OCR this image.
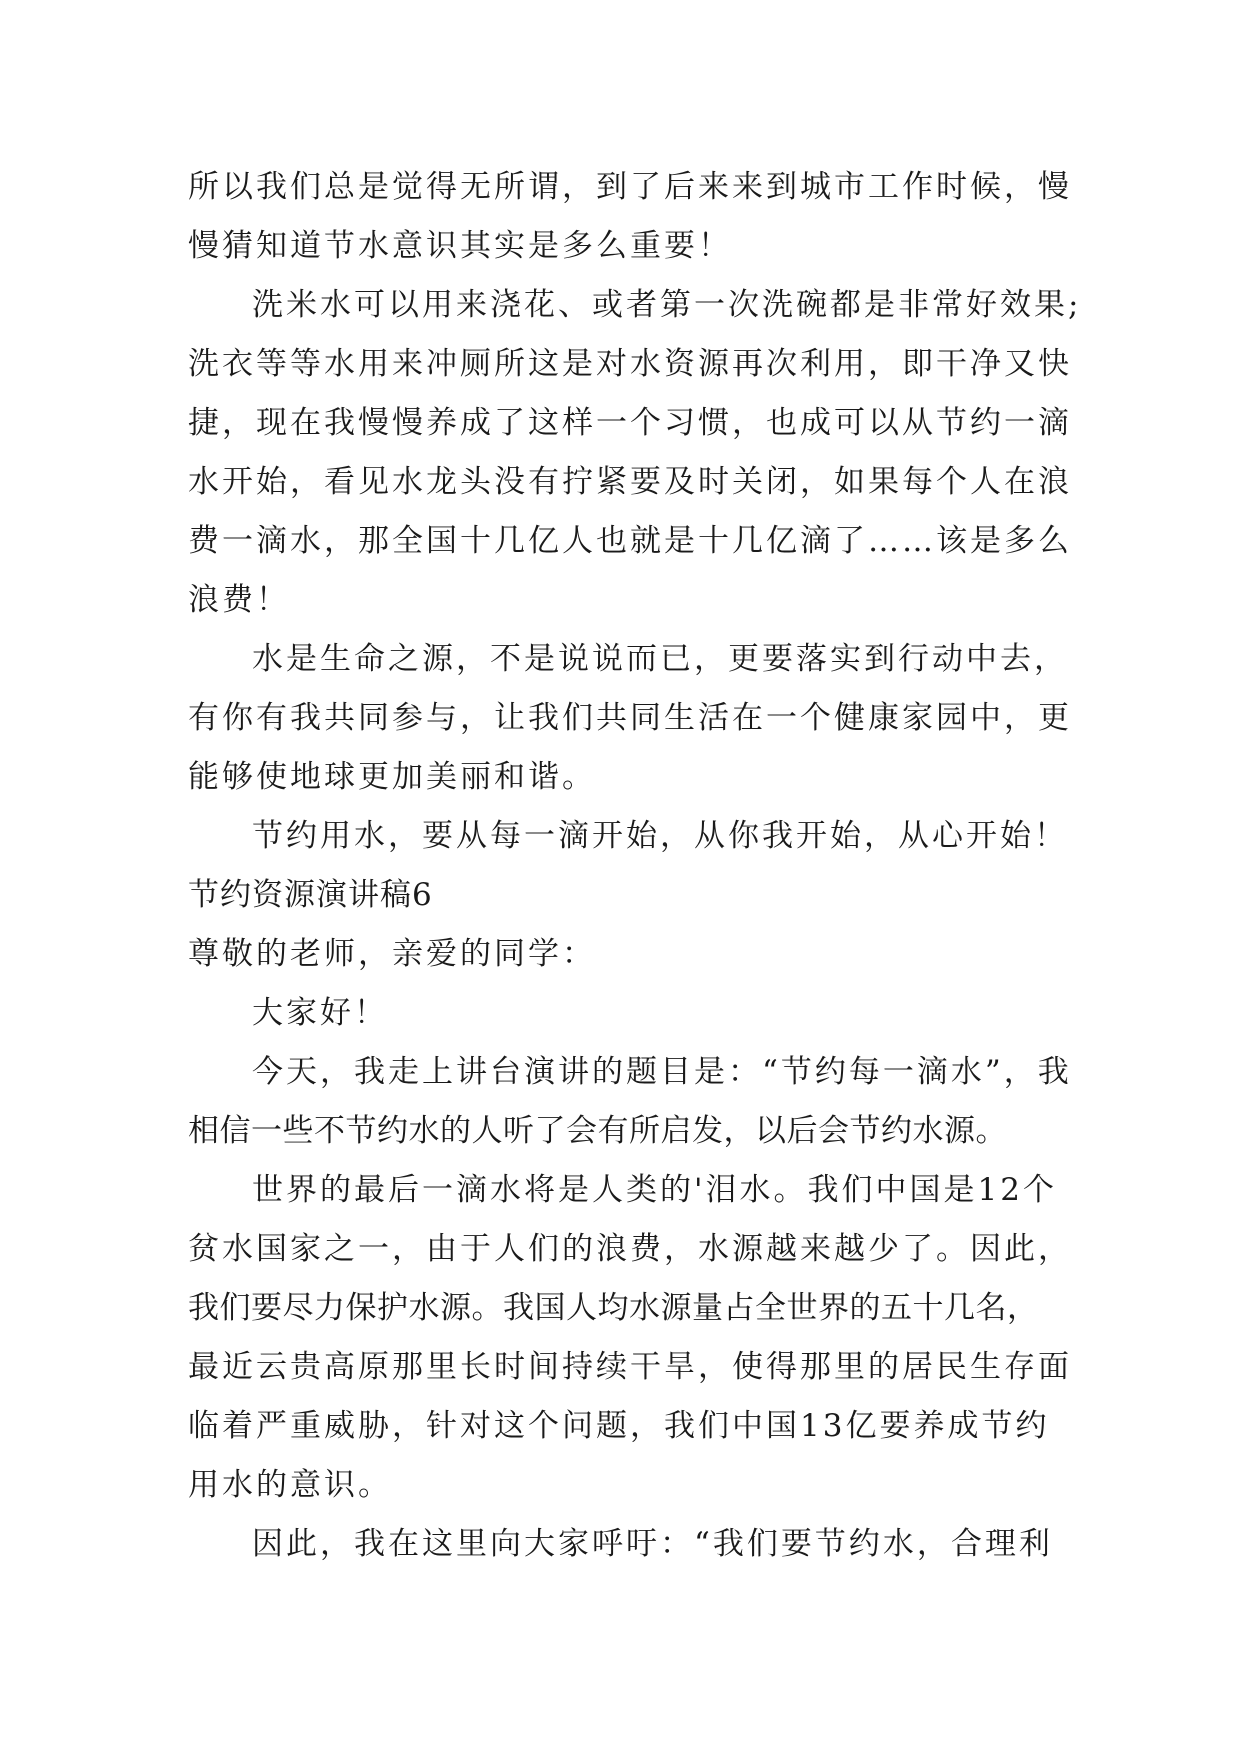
所以我们总是觉得无所谓，到了后来来到城市工作时候，慢
慢猜知道节水意识其实是多么重要！
洗米水可以用来浇花、或者第一次洗碗都是非常好效果;
洗衣等等水用来冲厕所这是对水资源再次利用，即干净又快
捷，现在我慢慢养成了这样一个习惯，也成可以从节约一滴
水开始，看见水龙头没有拧紧要及时关闭，如果每个人在浪
费一滴水，那全国十几亿人也就是十几亿滴了……该是多么
浪费！
水是生命之源，不是说说而已，更要落实到行动中去，
有你有我共同参与，让我们共同生活在一个健康家园中，更
能够使地球更加美丽和谐。
节约用水，要从每一滴开始，从你我开始，从心开始！
节约资源演讲稿6
尊敬的老师，亲爱的同学：
大家好！
今天，我走上讲台演讲的题目是：“节约每一滴水”，我
相信一些不节约水的人听了会有所启发，以后会节约水源。
世界的最后一滴水将是人类的'泪水。我们中国是12个
贫水国家之一，由于人们的浪费，水源越来越少了。因此，
我们要尽力保护水源。我国人均水源量占全世界的五十几名，
最近云贵高原那里长时间持续干旱，使得那里的居民生存面
临着严重威胁，针对这个问题，我们中国13亿要养成节约
用水的意识。
因此，我在这里向大家呼吁：“我们要节约水，合理利
